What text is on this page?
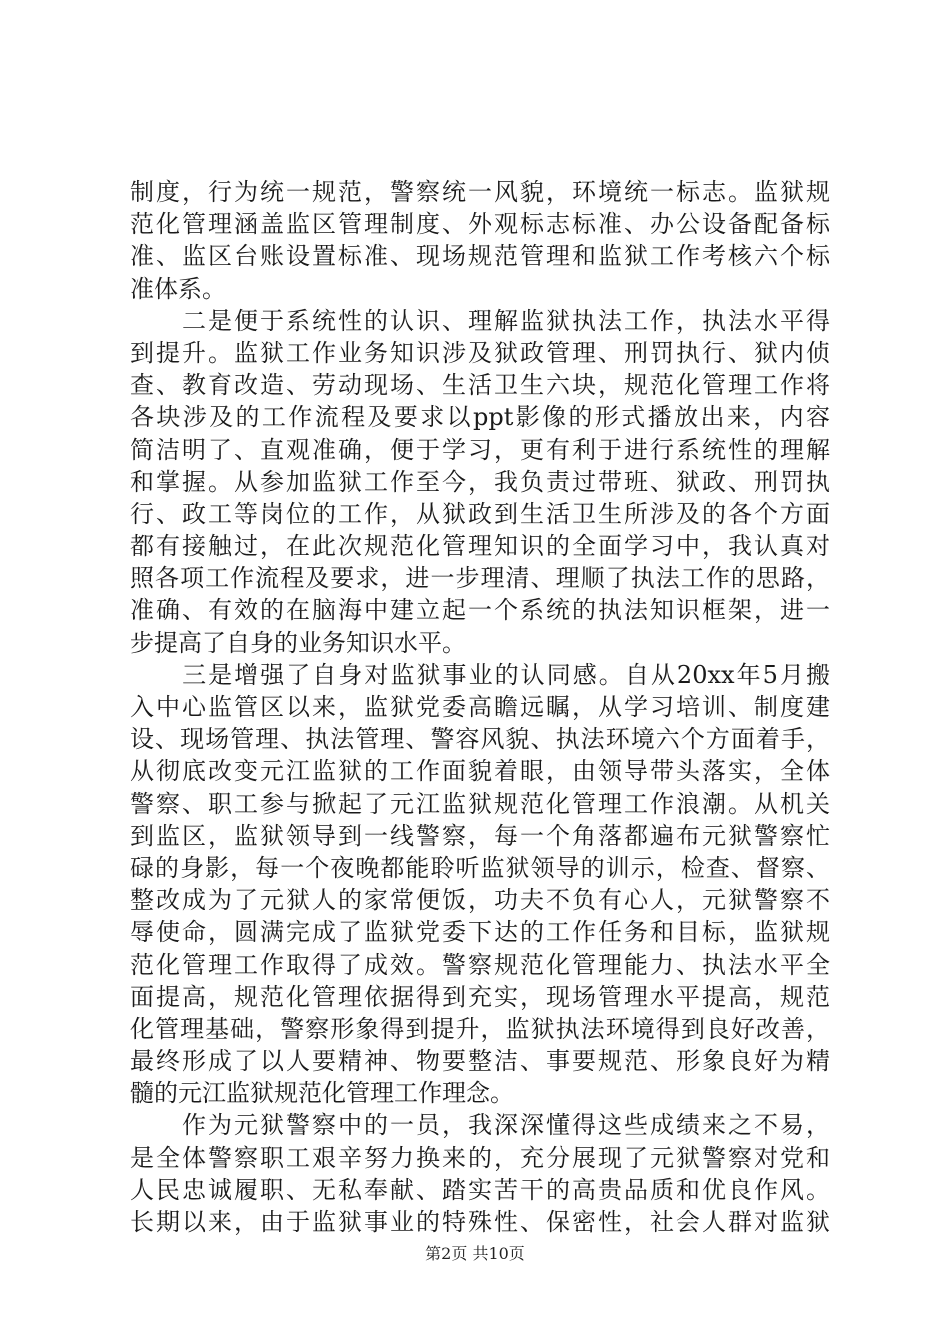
制度，行为统一规范，警察统一风貌，环境统一标志。监狱规
范化管理涵盖监区管理制度、外观标志标准、办公设备配备标
准、监区台账设置标准、现场规范管理和监狱工作考核六个标
准体系。
　　二是便于系统性的认识、理解监狱执法工作，执法水平得
到提升。监狱工作业务知识涉及狱政管理、刑罚执行、狱内侦
查、教育改造、劳动现场、生活卫生六块，规范化管理工作将
各块涉及的工作流程及要求以ppt影像的形式播放出来，内容
简洁明了、直观准确，便于学习，更有利于进行系统性的理解
和掌握。从参加监狱工作至今，我负责过带班、狱政、刑罚执
行、政工等岗位的工作，从狱政到生活卫生所涉及的各个方面
都有接触过，在此次规范化管理知识的全面学习中，我认真对
照各项工作流程及要求，进一步理清、理顺了执法工作的思路，
准确、有效的在脑海中建立起一个系统的执法知识框架，进一
步提高了自身的业务知识水平。
　　三是增强了自身对监狱事业的认同感。自从20xx年5月搬
入中心监管区以来，监狱党委高瞻远瞩，从学习培训、制度建
设、现场管理、执法管理、警容风貌、执法环境六个方面着手，
从彻底改变元江监狱的工作面貌着眼，由领导带头落实，全体
警察、职工参与掀起了元江监狱规范化管理工作浪潮。从机关
到监区，监狱领导到一线警察，每一个角落都遍布元狱警察忙
碌的身影，每一个夜晚都能聆听监狱领导的训示，检查、督察、
整改成为了元狱人的家常便饭，功夫不负有心人，元狱警察不
辱使命，圆满完成了监狱党委下达的工作任务和目标，监狱规
范化管理工作取得了成效。警察规范化管理能力、执法水平全
面提高，规范化管理依据得到充实，现场管理水平提高，规范
化管理基础，警察形象得到提升，监狱执法环境得到良好改善，
最终形成了以人要精神、物要整洁、事要规范、形象良好为精
髓的元江监狱规范化管理工作理念。
　　作为元狱警察中的一员，我深深懂得这些成绩来之不易，
是全体警察职工艰辛努力换来的，充分展现了元狱警察对党和
人民忠诚履职、无私奉献、踏实苦干的高贵品质和优良作风。
长期以来，由于监狱事业的特殊性、保密性，社会人群对监狱
第2页 共10页
